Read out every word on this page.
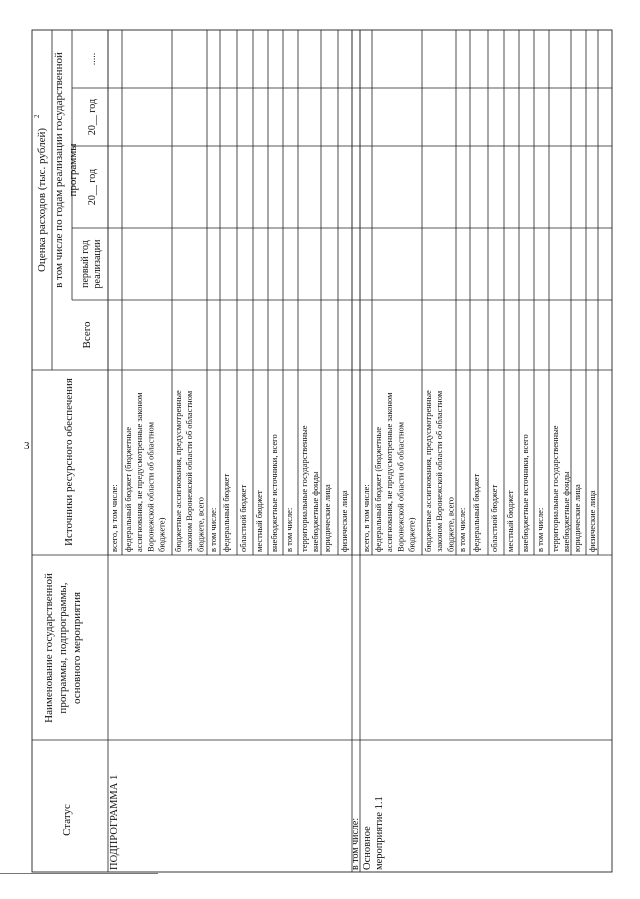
3
Статус
Наименование государственной программы, подпрограммы, основного мероприятия
Источники ресурсного обеспечения
Оценка расходов (тыс. рублей)
2 в том числе по годам реализации государственной программы
Всего
первый год реализации
20__ год
20__ год
.....
всего, в том числе: федеральный бюджет (бюджетные ассигнования, не предусмотренные законом Воронежской области об областном бюджете) бюджетные ассигнования, предусмотренные законом Воронежской области об областном бюджете, всего в том числе: федеральный бюджет областной бюджет местный бюджет внебюджетные источники, всего в том числе: территориальные государственные внебюджетные фонды юридические лица физические лица всего, в том числе: федеральный бюджет (бюджетные ассигнования, не предусмотренные законом Воронежской области об областном бюджете) бюджетные ассигнования, предусмотренные законом Воронежской области об областном бюджете, всего в том числе: федеральный бюджет областной бюджет местный бюджет внебюджетные источники, всего в том числе: территориальные государственные внебюджетные фонды юридические лица физические лица
ПОДПРОГРАММА 1	в том числе: Основное мероприятие 1.1
